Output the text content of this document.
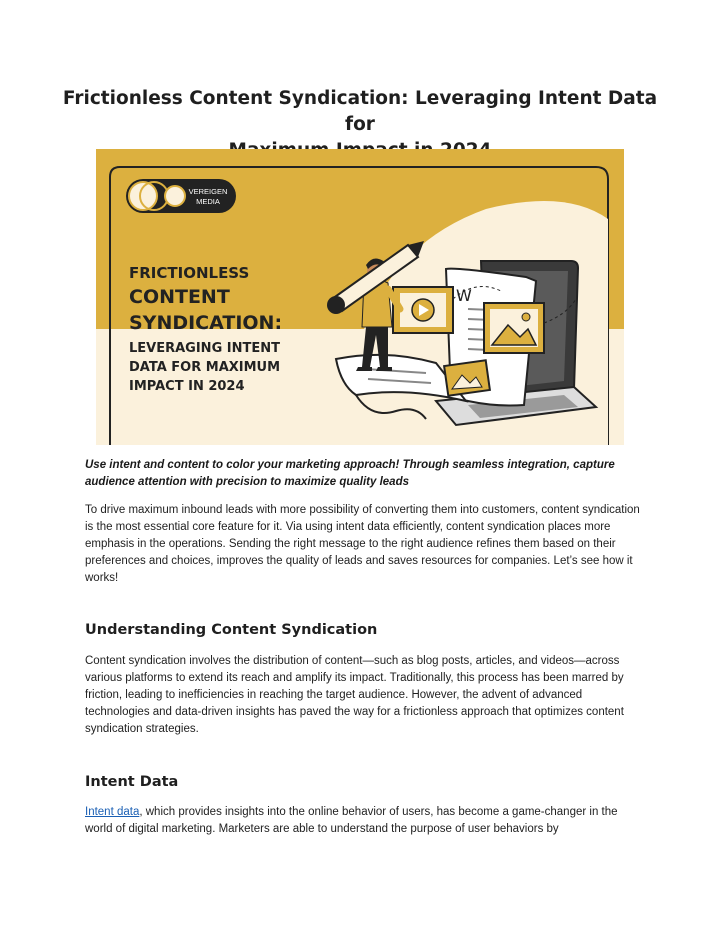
Frictionless Content Syndication: Leveraging Intent Data for

VEREIGEN
MEDIA
FRICTIONLESS
CONTENT
SYNDICATION:
LEVERAGING INTENT
DATA FOR MAXIMUM
IMPACT IN 2024
W

Use intent and content to color your marketing approach! Through seamless integration, capture audience attention with precision to maximize quality leads

To drive maximum inbound leads with more possibility of converting them into customers, content syndication is the most essential core feature for it. Via using intent data efficiently, content syndication places more emphasis in the operations. Sending the right message to the right audience refines them based on their preferences and choices, improves the quality of leads and saves resources for companies. Let’s see how it works!

Understanding Content Syndication

Content syndication involves the distribution of content—such as blog posts, articles, and videos—across various platforms to extend its reach and amplify its impact. Traditionally, this process has been marred by friction, leading to inefficiencies in reaching the target audience. However, the advent of advanced technologies and data-driven insights has paved the way for a frictionless approach that optimizes content syndication strategies.

Intent Data

Intent data, which provides insights into the online behavior of users, has become a game-changer in the world of digital marketing. Marketers are able to understand the purpose of user behaviors by
